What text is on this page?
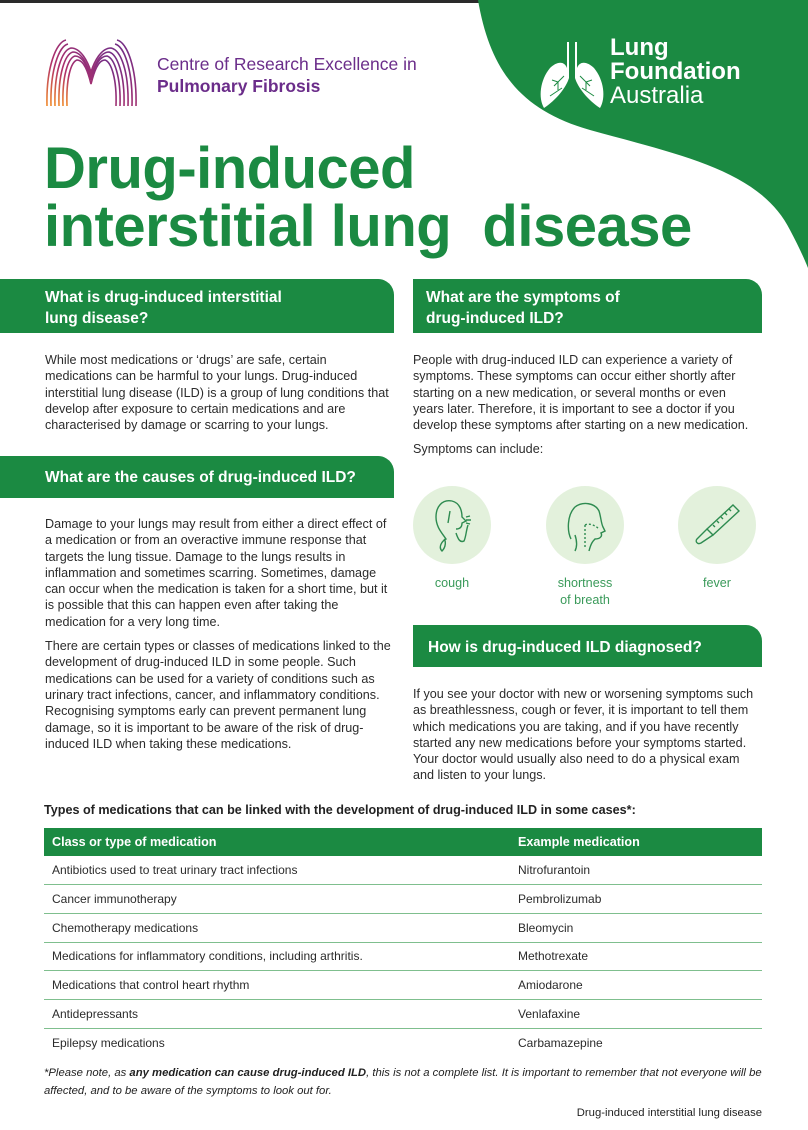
Centre of Research Excellence in
Pulmonary Fibrosis
Lung
Foundation
Australia
Drug-induced
interstitial lung  disease
What is drug-induced interstitial
lung disease?

While most medications or ‘drugs’ are safe, certain medications can be harmful to your lungs. Drug-induced interstitial lung disease (ILD) is a group of lung conditions that develop after exposure to certain medications and are characterised by damage or scarring to your lungs.

What are the causes of drug-induced ILD?

Damage to your lungs may result from either a direct effect of a medication or from an overactive immune response that targets the lung tissue. Damage to the lungs results in inflammation and sometimes scarring. Sometimes, damage can occur when the medication is taken for a short time, but it is possible that this can happen even after taking the medication for a very long time.

There are certain types or classes of medications linked to the development of drug-induced ILD in some people. Such medications can be used for a variety of conditions such as urinary tract infections, cancer, and inflammatory conditions. Recognising symptoms early can prevent permanent lung damage, so it is important to be aware of the risk of drug-induced ILD when taking these medications.

What are the symptoms of
drug-induced ILD?

People with drug-induced ILD can experience a variety of symptoms. These symptoms can occur either shortly after starting on a new medication, or several months or even years later. Therefore, it is important to see a doctor if you develop these symptoms after starting on a new medication.

Symptoms can include:

cough	shortness
of breath
fever
How is drug-induced ILD diagnosed?

If you see your doctor with new or worsening symptoms such as breathlessness, cough or fever, it is important to tell them which medications you are taking, and if you have recently started any new medications before your symptoms started. Your doctor would usually also need to do a physical exam and listen to your lungs.

Types of medications that can be linked with the development of drug-induced ILD in some cases*:
Class or type of medication	Example medication
Antibiotics used to treat urinary tract infections	Nitrofurantoin
Cancer immunotherapy	Pembrolizumab
Chemotherapy medications	Bleomycin
Medications for inflammatory conditions, including arthritis.	Methotrexate
Medications that control heart rhythm	Amiodarone
Antidepressants	Venlafaxine
Epilepsy medications	Carbamazepine
*Please note, as any medication can cause drug-induced ILD, this is not a complete list. It is important to remember that not everyone will be affected, and to be aware of the symptoms to look out for.
Drug-induced interstitial lung disease
